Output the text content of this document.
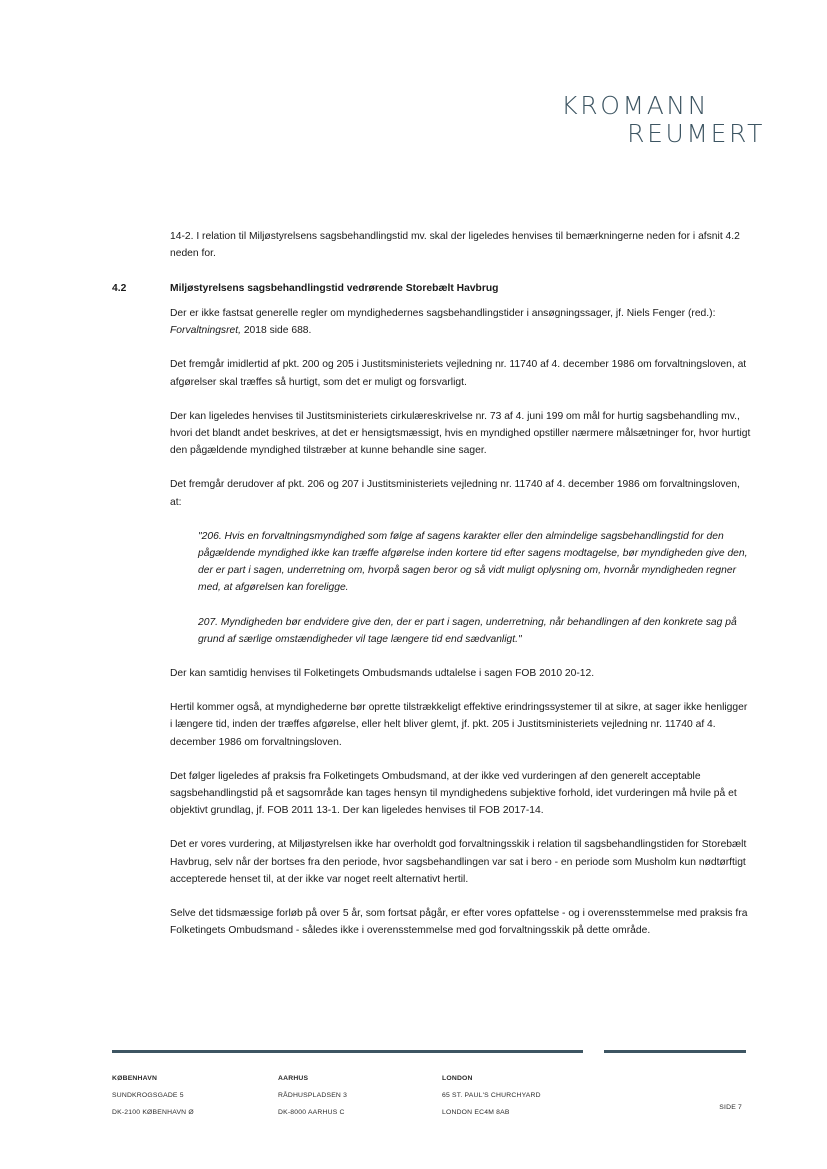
KROMANN
REUMERT

14-2. I relation til Miljøstyrelsens sagsbehandlingstid mv. skal der ligeledes henvises til bemærkningerne neden for i afsnit 4.2 neden for.

4.2	Miljøstyrelsens sagsbehandlingstid vedrørende Storebælt Havbrug

Der er ikke fastsat generelle regler om myndighedernes sagsbehandlingstider i ansøgningssager, jf. Niels Fenger (red.): Forvaltningsret, 2018 side 688.

Det fremgår imidlertid af pkt. 200 og 205 i Justitsministeriets vejledning nr. 11740 af 4. december 1986 om forvaltningsloven, at afgørelser skal træffes så hurtigt, som det er muligt og forsvarligt.

Der kan ligeledes henvises til Justitsministeriets cirkulæreskrivelse nr. 73 af 4. juni 199 om mål for hurtig sagsbehandling mv., hvori det blandt andet beskrives, at det er hensigtsmæssigt, hvis en myndighed opstiller nærmere målsætninger for, hvor hurtigt den pågældende myndighed tilstræber at kunne behandle sine sager.

Det fremgår derudover af pkt. 206 og 207 i Justitsministeriets vejledning nr. 11740 af 4. december 1986 om forvaltningsloven, at:

"206. Hvis en forvaltningsmyndighed som følge af sagens karakter eller den almindelige sagsbehandlingstid for den pågældende myndighed ikke kan træffe afgørelse inden kortere tid efter sagens modtagelse, bør myndigheden give den, der er part i sagen, underretning om, hvorpå sagen beror og så vidt muligt oplysning om, hvornår myndigheden regner med, at afgørelsen kan foreligge.

207. Myndigheden bør endvidere give den, der er part i sagen, underretning, når behandlingen af den konkrete sag på grund af særlige omstændigheder vil tage længere tid end sædvanligt."

Der kan samtidig henvises til Folketingets Ombudsmands udtalelse i sagen FOB 2010 20-12.

Hertil kommer også, at myndighederne bør oprette tilstrækkeligt effektive erindringssystemer til at sikre, at sager ikke henligger i længere tid, inden der træffes afgørelse, eller helt bliver glemt, jf. pkt. 205 i Justitsministeriets vejledning nr. 11740 af 4. december 1986 om forvaltningsloven.

Det følger ligeledes af praksis fra Folketingets Ombudsmand, at der ikke ved vurderingen af den generelt acceptable sagsbehandlingstid på et sagsområde kan tages hensyn til myndighedens subjektive forhold, idet vurderingen må hvile på et objektivt grundlag, jf. FOB 2011 13-1. Der kan ligeledes henvises til FOB 2017-14.

Det er vores vurdering, at Miljøstyrelsen ikke har overholdt god forvaltningsskik i relation til sagsbehandlingstiden for Storebælt Havbrug, selv når der bortses fra den periode, hvor sagsbehandlingen var sat i bero - en periode som Musholm kun nødtørftigt accepterede henset til, at der ikke var noget reelt alternativt hertil.

Selve det tidsmæssige forløb på over 5 år, som fortsat pågår, er efter vores opfattelse - og i overensstemmelse med praksis fra Folketingets Ombudsmand - således ikke i overensstemmelse med god forvaltningsskik på dette område.

KØBENHAVN
SUNDKROGSGADE 5
DK-2100 KØBENHAVN Ø
AARHUS
RÅDHUSPLADSEN 3
DK-8000 AARHUS C
LONDON
65 ST. PAUL'S CHURCHYARD
LONDON EC4M 8AB
SIDE 7
